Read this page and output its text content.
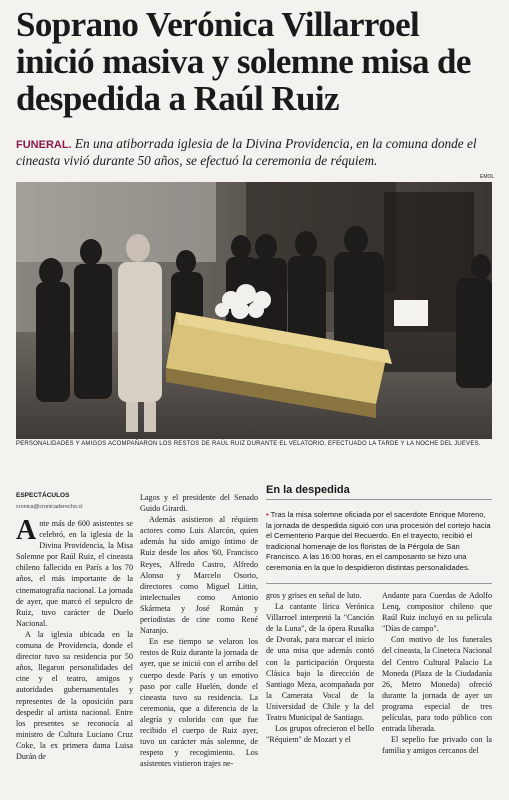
Soprano Verónica Villarroel inició masiva y solemne misa de despedida a Raúl Ruiz
FUNERAL. En una atiborrada iglesia de la Divina Providencia, en la comuna donde el cineasta vivió durante 50 años, se efectuó la ceremonia de réquiem.
EMOL
PERSONALIDADES Y AMIGOS ACOMPAÑARON LOS RESTOS DE RAÚL RUIZ DURANTE EL VELATORIO, EFECTUADO LA TARDE Y LA NOCHE DEL JUEVES.
ESPECTÁCULOS
cronica@cronicaderecho.cl

Ante más de 600 asistentes se celebró, en la iglesia de la Divina Providencia, la Misa Solemne por Raúl Ruiz, el cineasta chileno fallecido en París a los 70 años, el más importante de la cinematografía nacional. La jornada de ayer, que marcó el sepulcro de Ruiz, tuvo carácter de Duelo Nacional.

A la iglesia ubicada en la comuna de Providencia, donde el director tuvo su residencia por 50 años, llegaron personalidades del cine y el teatro, amigos y autoridades gubernamentales y representes de la oposición para despedir al artista nacional. Entre los presentes se reconocía al ministro de Cultura Luciano Cruz Coke, la ex primera dama Luisa Durán de

Lagos y el presidente del Senado Guido Girardi.

Además asistieron al réquiem actores como Luis Alarcón, quien además ha sido amigo íntimo de Ruiz desde los años '60, Francisco Reyes, Alfredo Castro, Alfredo Alonso y Marcelo Osorio, directores como Miguel Littin, intelectuales como Antonio Skármeta y José Román y periodistas de cine como René Naranjo.

En ese tiempo se velaron los restos de Ruiz durante la jornada de ayer, que se inició con el arribo del cuerpo desde París y un emotivo paso por calle Huelén, donde el cineasta tuvo su residencia. La ceremonia, que a diferencia de la alegría y colorido con que fue recibido el cuerpo de Ruiz ayer, tuvo un carácter más solemne, de respeto y recogimiento. Los asistentes vistieron trajes ne-

En la despedida
• Tras la misa solemne oficiada por el sacerdote Enrique Moreno, la jornada de despedida siguió con una procesión del cortejo hacia el Cementerio Parque del Recuerdo. En el trayecto, recibió el tradicional homenaje de los floristas de la Pérgola de San Francisco. A las 16:00 horas, en el camposanto se hizo una ceremonia en la que lo despidieron distintas personalidades.

gros y grises en señal de luto.

La cantante lírica Verónica Villarroel interpretó la "Canción de la Luna", de la ópera Rusalka de Dvorak, para marcar el inicio de una misa que además contó con la participación Orquesta Clásica bajo la dirección de Santiago Meza, acompañada por la Camerata Vocal de la Universidad de Chile y la del Teatro Municipal de Santiago.

Los grupos ofrecieron el bello "Réquiem" de Mozart y el

Andante para Cuerdas de Adolfo Lenq, compositor chileno que Raúl Ruiz incluyó en su película "Días de campo".

Con motivo de los funerales del cineasta, la Cineteca Nacional del Centro Cultural Palacio La Moneda (Plaza de la Ciudadanía 26, Metro Moneda) ofreció durante la jornada de ayer un programa especial de tres películas, para todo público con entrada liberada.

El sepelio fue privado con la familia y amigos cercanos del
